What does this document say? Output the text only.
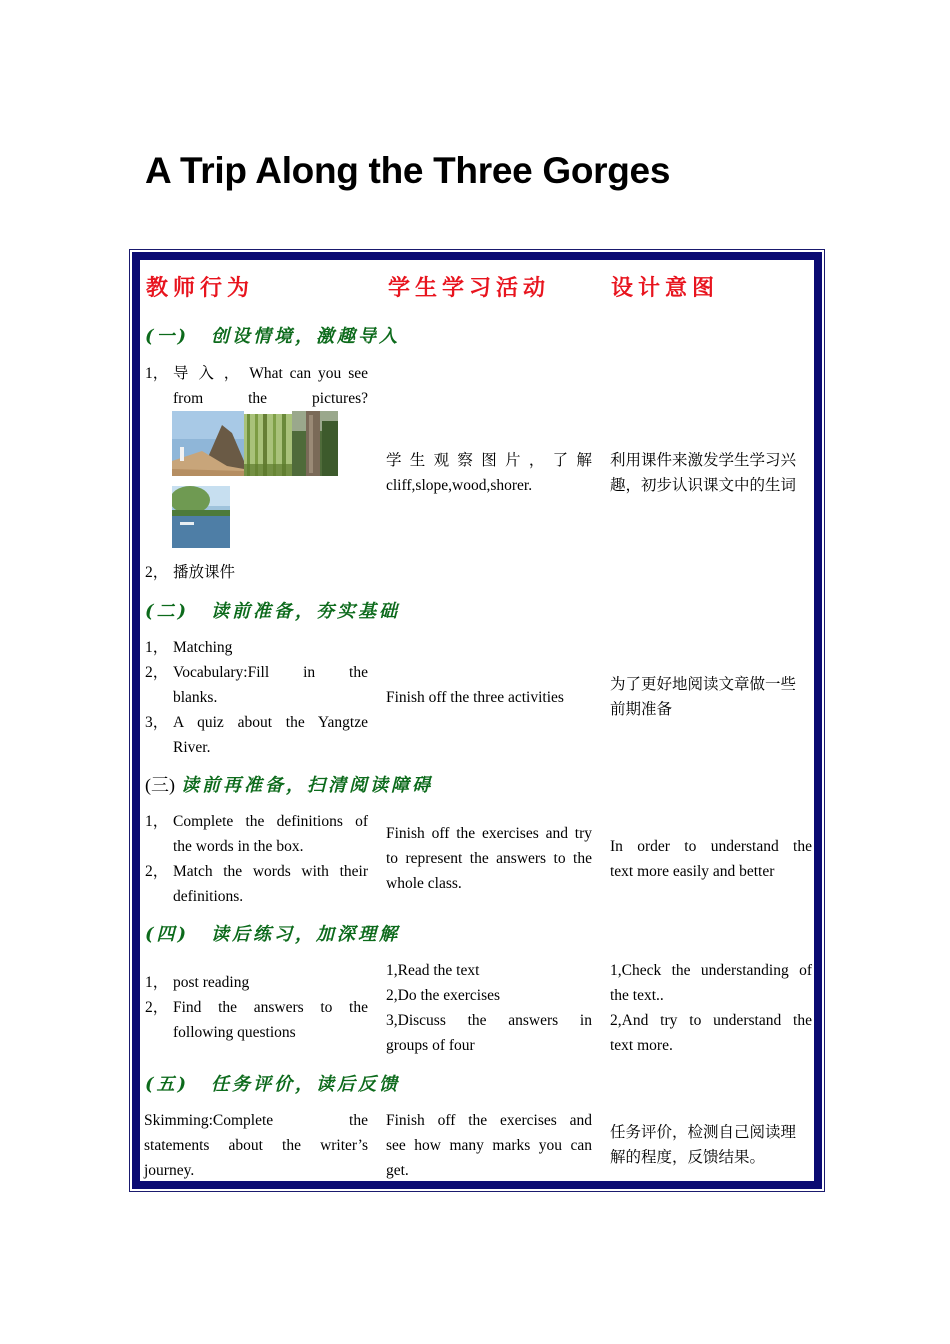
A Trip Along the Three Gorges
教师行为	学生学习活动	设计意图
(一) 创设情境，激趣导入
1， 导 入 ， What can you see
from the pictures?
2， 播放课件
学 生 观 察 图 片 ， 了 解
cliff,slope,wood,shorer.
利用课件来激发学生学习兴
趣，初步认识课文中的生词
(二) 读前准备，夯实基础
1， Matching
2， Vocabulary:Fill in the
blanks.
3， A quiz about the Yangtze
River.
Finish off the three activities
为了更好地阅读文章做一些
前期准备
(三) 读前再准备，扫清阅读障碍
1， Complete the definitions of
the words in the box.
2， Match the words with their
definitions.
Finish off the exercises and try
to represent the answers to the
whole class.
In order to understand the
text more easily and better
(四) 读后练习，加深理解
1， post reading
2， Find the answers to the
following questions
1,Read the text
2,Do the exercises
3,Discuss the answers in
groups of four
1,Check the understanding of
the text..
2,And try to understand the
text more.
(五) 任务评价，读后反馈
Skimming:Complete the
statements about the writer’s
journey.
Finish off the exercises and
see how many marks you can
get.
任务评价，检测自己阅读理
解的程度，反馈结果。
